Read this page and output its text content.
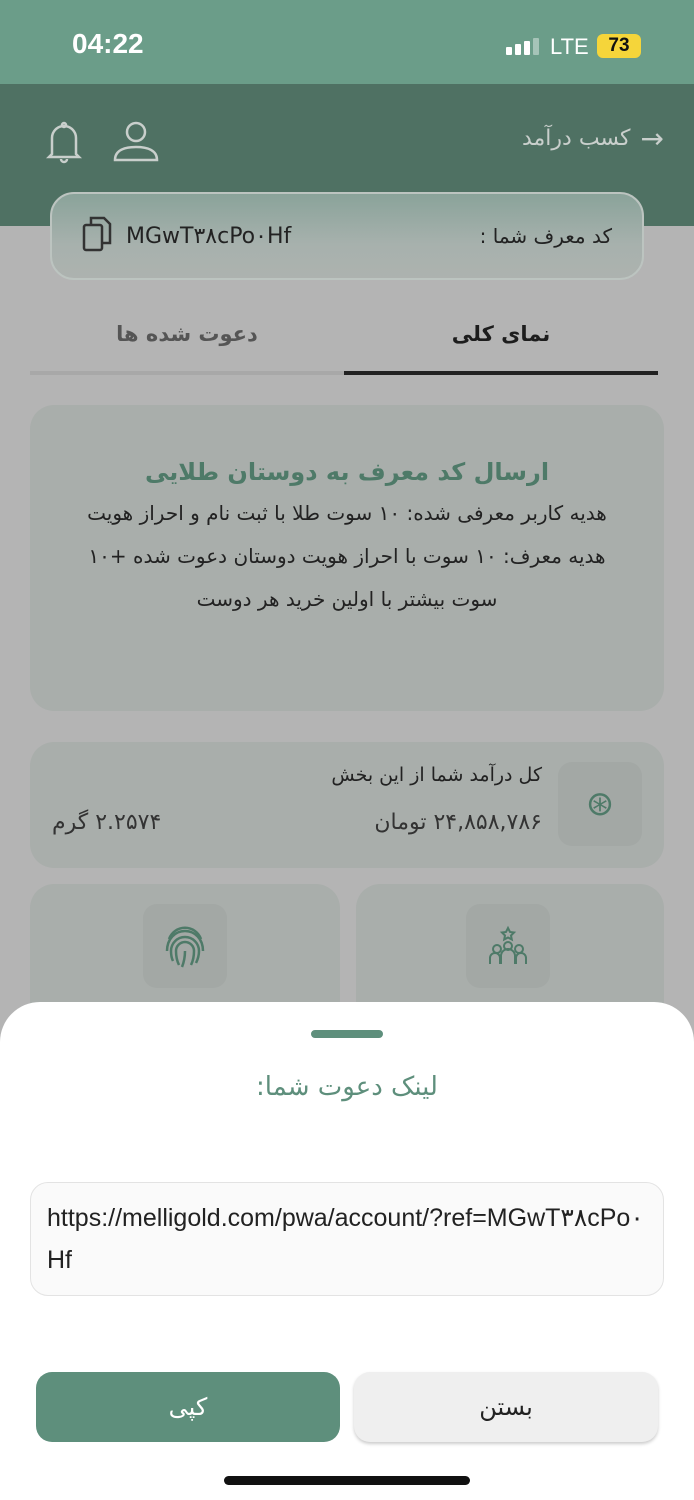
04:22	LTE	73
→
کسب درآمد
کد معرف شما :
MGwT۳۸cPo۰Hf
نمای کلی
دعوت شده ها
ارسال کد معرف به دوستان طلایی

هدیه کاربر معرفی شده: ۱۰ سوت طلا با ثبت نام و احراز هویت

هدیه معرف: ۱۰ سوت با احراز هویت دوستان دعوت شده +۱۰ سوت بیشتر با اولین خرید هر دوست

⊛
کل درآمد شما از این بخش
۲۴,۸۵۸,۷۸۶ تومان
۲.۲۵۷۴ گرم
لینک دعوت شما:
https://melligold.com/pwa/account/?ref=MGwT۳۸cPo۰Hf
کپی	بستن
